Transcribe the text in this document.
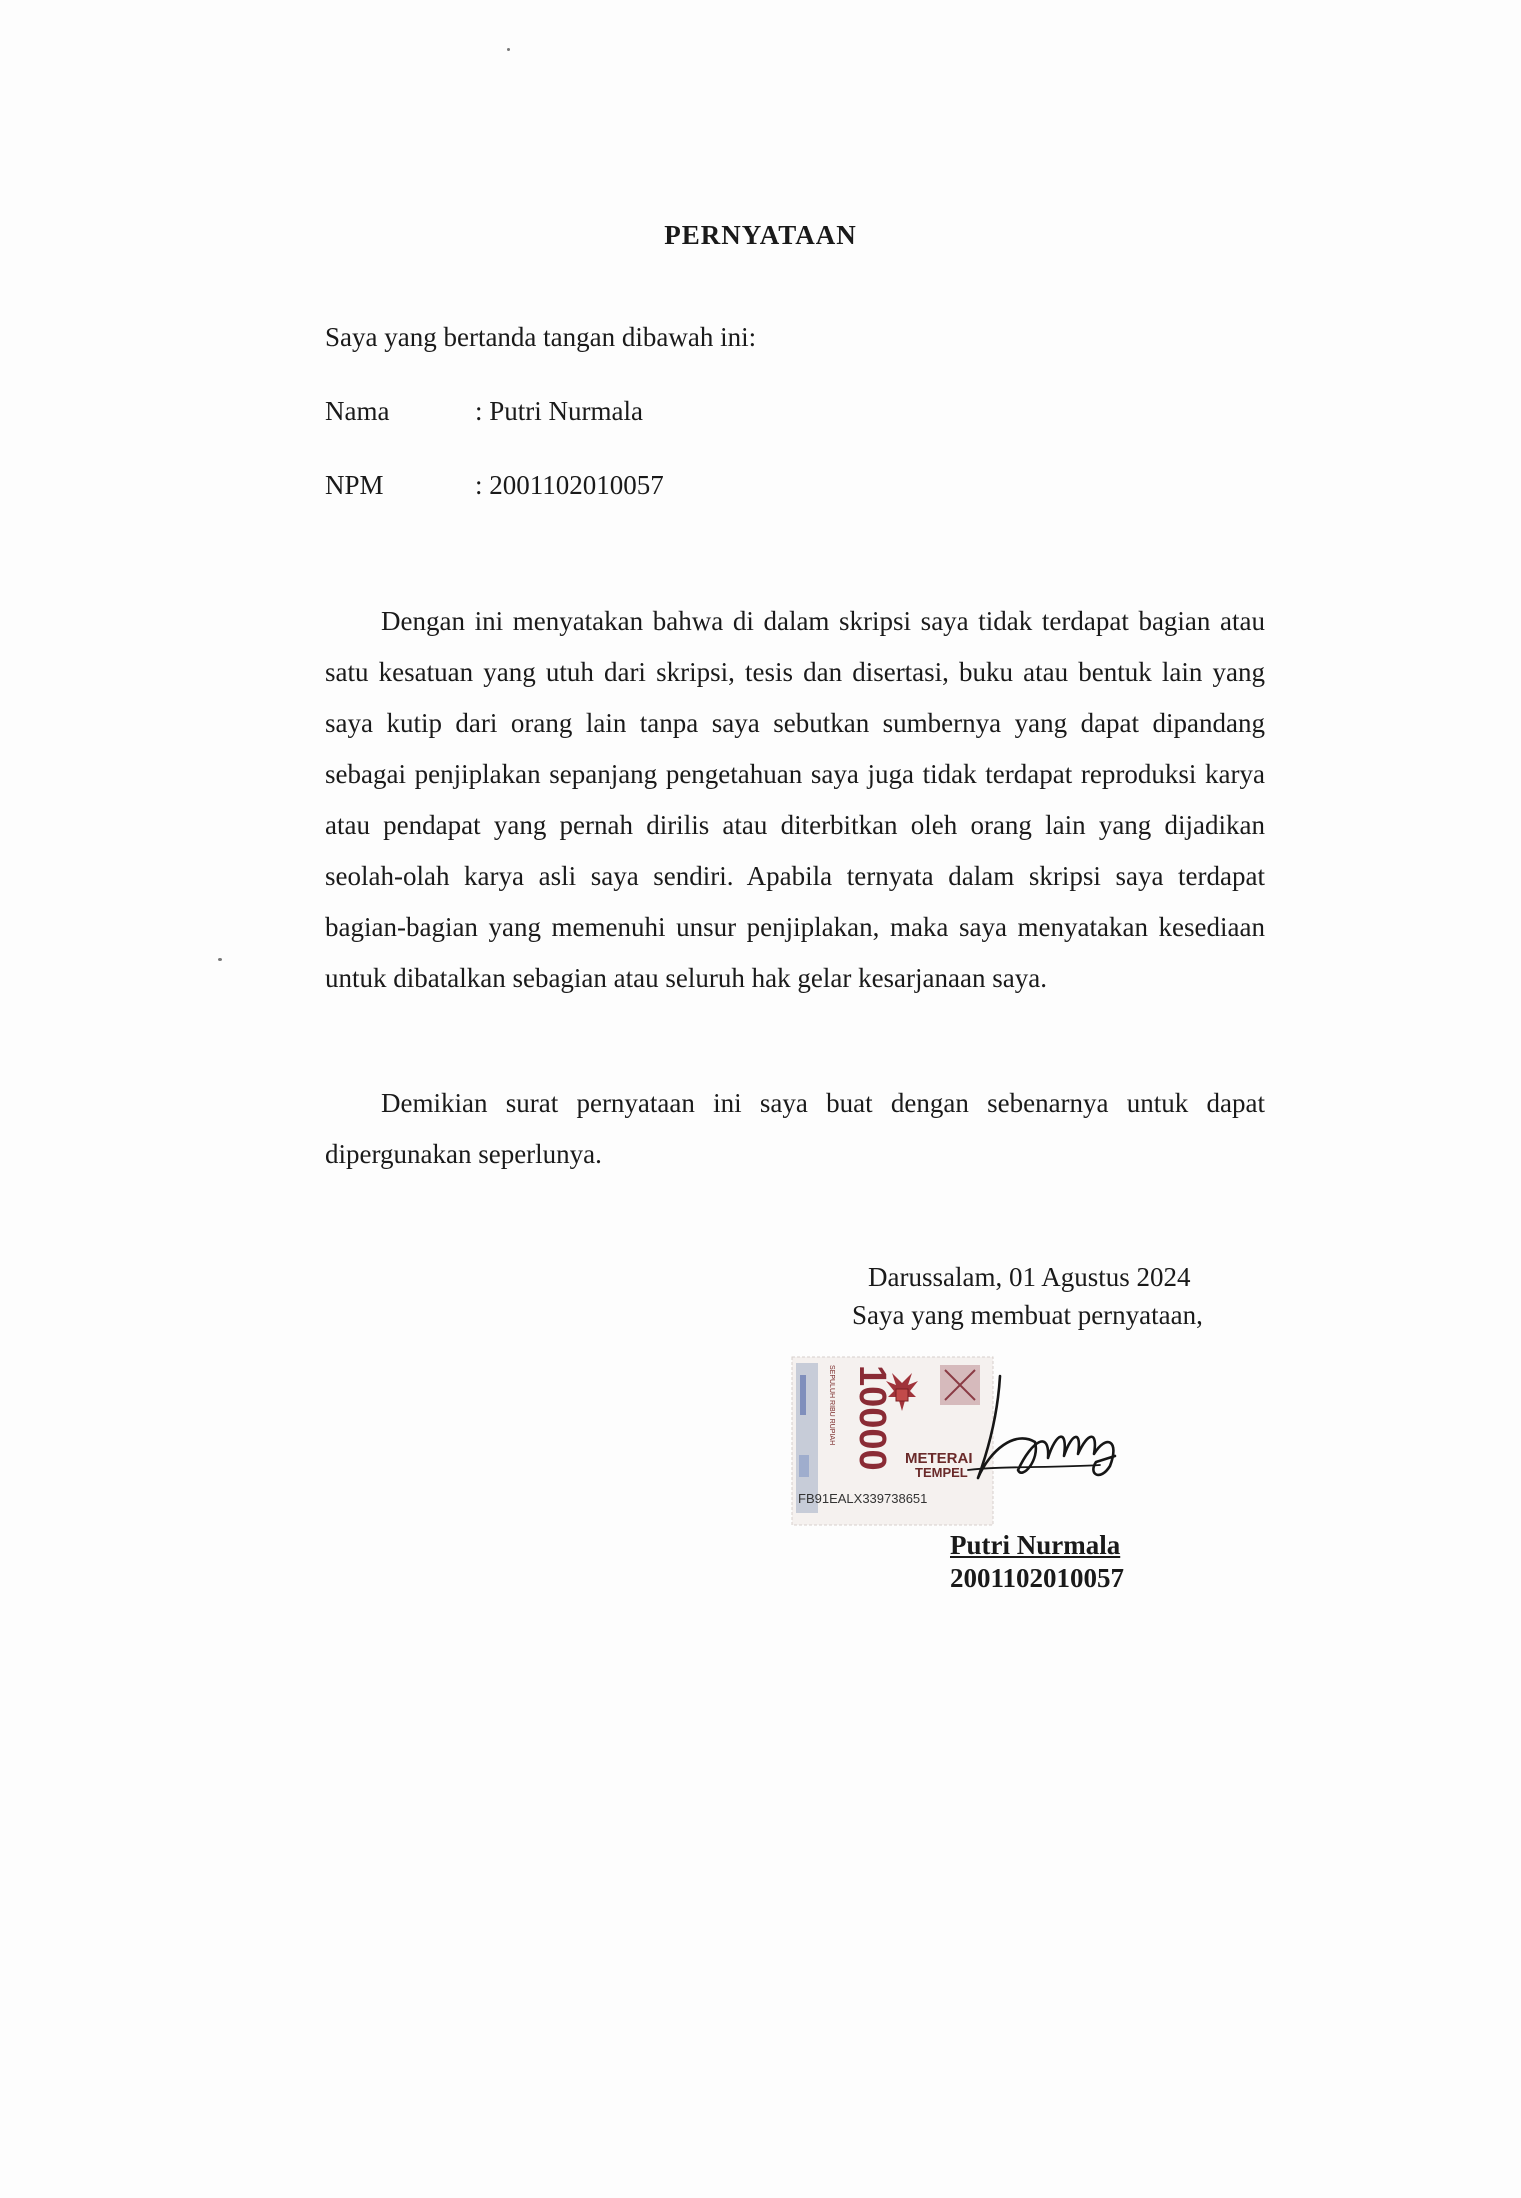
PERNYATAAN
Saya yang bertanda tangan dibawah ini:
Nama	: Putri Nurmala
NPM	: 2001102010057

Dengan ini menyatakan bahwa di dalam skripsi saya tidak terdapat bagian atau satu kesatuan yang utuh dari skripsi, tesis dan disertasi, buku atau bentuk lain yang saya kutip dari orang lain tanpa saya sebutkan sumbernya yang dapat dipandang sebagai penjiplakan sepanjang pengetahuan saya juga tidak terdapat reproduksi karya atau pendapat yang pernah dirilis atau diterbitkan oleh orang lain yang dijadikan seolah-olah karya asli saya sendiri. Apabila ternyata dalam skripsi saya terdapat bagian-bagian yang memenuhi unsur penjiplakan, maka saya menyatakan kesediaan untuk dibatalkan sebagian atau seluruh hak gelar kesarjanaan saya.

Demikian surat pernyataan ini saya buat dengan sebenarnya untuk dapat dipergunakan seperlunya.

Darussalam, 01 Agustus 2024
Saya yang membuat pernyataan,
SEPULUH RIBU RUPIAH 10000 METERAI
TEMPEL
FB91EALX339738651
Putri Nurmala
2001102010057
